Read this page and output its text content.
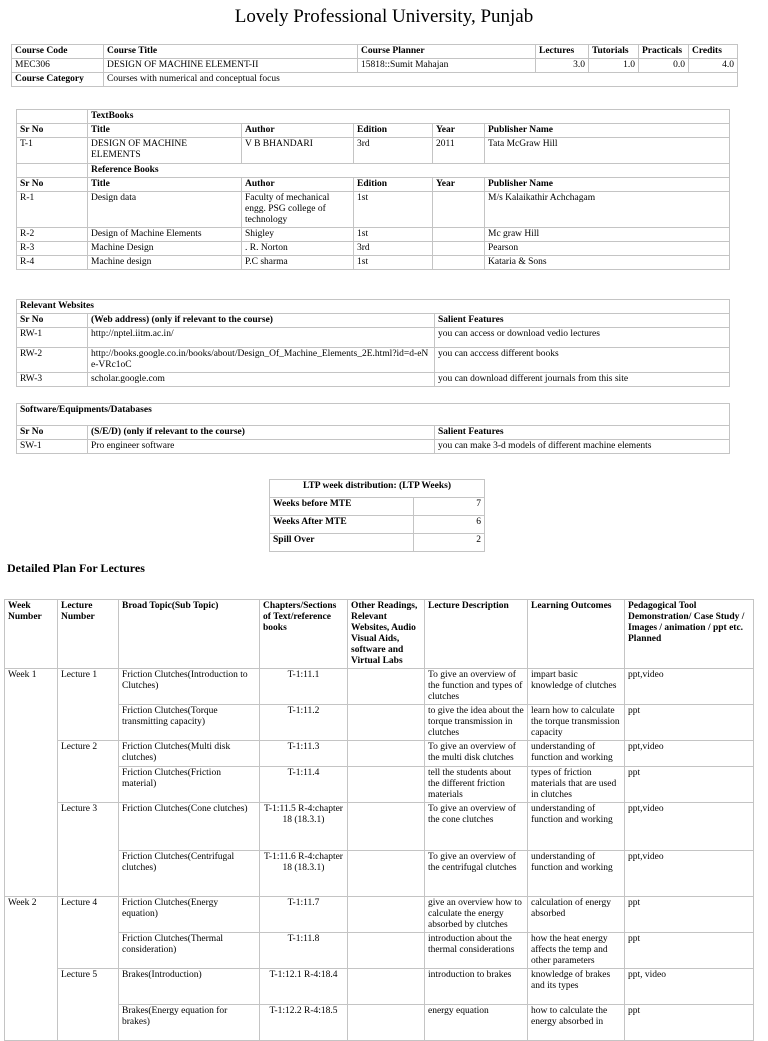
Lovely Professional University, Punjab
Course Code	Course Title	Course Planner	Lectures	Tutorials	Practicals	Credits
MEC306	DESIGN OF MACHINE ELEMENT-II	15818::Sumit Mahajan	3.0	1.0	0.0	4.0
Course Category	Courses with numerical and conceptual focus					
	TextBooks				
Sr No	Title	Author	Edition	Year	Publisher Name
T-1	DESIGN OF MACHINE ELEMENTS	V B BHANDARI	3rd	2011	Tata McGraw Hill
	Reference Books				
Sr No	Title	Author	Edition	Year	Publisher Name
R-1	Design data	Faculty of mechanical engg. PSG college of technology	1st		M/s Kalaikathir Achchagam
R-2	Design of Machine Elements	Shigley	1st		Mc graw Hill
R-3	Machine Design	. R. Norton	3rd		Pearson
R-4	Machine design	P.C sharma	1st		Kataria & Sons
Relevant Websites		
Sr No	(Web address) (only if relevant to the course)	Salient Features
RW-1	http://nptel.iitm.ac.in/	you can access or download vedio lectures
RW-2	http://books.google.co.in/books/about/Design_Of_Machine_Elements_2E.html?id=d-eNe-VRc1oC	you can acccess different books
RW-3	scholar.google.com	you can download different journals from this site
Software/Equipments/Databases		
Sr No	(S/E/D) (only if relevant to the course)	Salient Features
SW-1	Pro engineer software	you can make 3-d models of different machine elements
LTP week distribution: (LTP Weeks)	
Weeks before MTE	7
Weeks After MTE	6
Spill Over	2
Detailed Plan For Lectures
Week Number	Lecture Number	Broad Topic(Sub Topic)	Chapters/Sections of Text/reference books	Other Readings, Relevant Websites, Audio Visual Aids, software and Virtual Labs	Lecture Description	Learning Outcomes	Pedagogical Tool Demonstration/ Case Study / Images / animation / ppt etc. Planned
Week 1	Lecture 1	Friction Clutches(Introduction to Clutches)	T-1:11.1		To give an overview of the function and types of clutches	impart basic knowledge of clutches	ppt,video
		Friction Clutches(Torque transmitting capacity)	T-1:11.2		to give the idea about the torque transmission in clutches	learn how to calculate the torque transmission capacity	ppt
	Lecture 2	Friction Clutches(Multi disk clutches)	T-1:11.3		To give an overview of the multi disk clutches	understanding of function and working	ppt,video
		Friction Clutches(Friction material)	T-1:11.4		tell the students about the different friction materials	types of friction materials that are used in clutches	ppt
	Lecture 3	Friction Clutches(Cone clutches)	T-1:11.5 R-4:chapter 18 (18.3.1)		To give an overview of the cone clutches	understanding of function and working	ppt,video
		Friction Clutches(Centrifugal clutches)	T-1:11.6 R-4:chapter 18 (18.3.1)		To give an overview of the centrifugal clutches	understanding of function and working	ppt,video
Week 2	Lecture 4	Friction Clutches(Energy equation)	T-1:11.7		give an overview how to calculate the energy absorbed by clutches	calculation of energy absorbed	ppt
		Friction Clutches(Thermal consideration)	T-1:11.8		introduction about the thermal considerations	how the heat energy affects the temp and other parameters	ppt
	Lecture 5	Brakes(Introduction)	T-1:12.1 R-4:18.4		introduction to brakes	knowledge of brakes and its types	ppt, video
		Brakes(Energy equation for brakes)	T-1:12.2 R-4:18.5		energy equation	how to calculate the energy absorbed in	ppt
